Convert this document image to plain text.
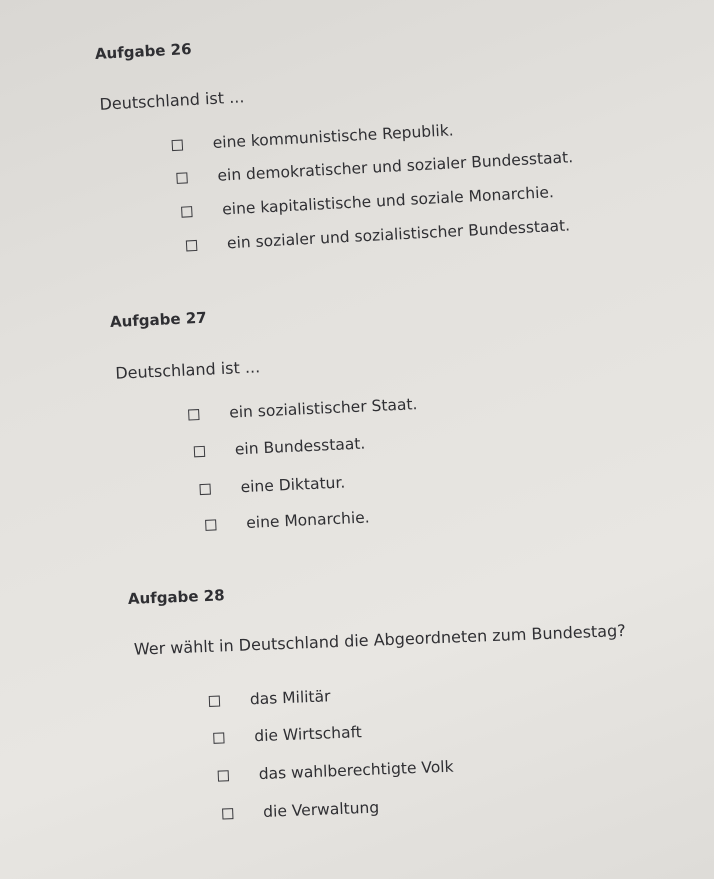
Aufgabe 26
Deutschland ist ...
eine kommunistische Republik.
ein demokratischer und sozialer Bundesstaat.
eine kapitalistische und soziale Monarchie.
ein sozialer und sozialistischer Bundesstaat.
Aufgabe 27
Deutschland ist ...
ein sozialistischer Staat.
ein Bundesstaat.
eine Diktatur.
eine Monarchie.
Aufgabe 28
Wer wählt in Deutschland die Abgeordneten zum Bundestag?
das Militär
die Wirtschaft
das wahlberechtigte Volk
die Verwaltung
